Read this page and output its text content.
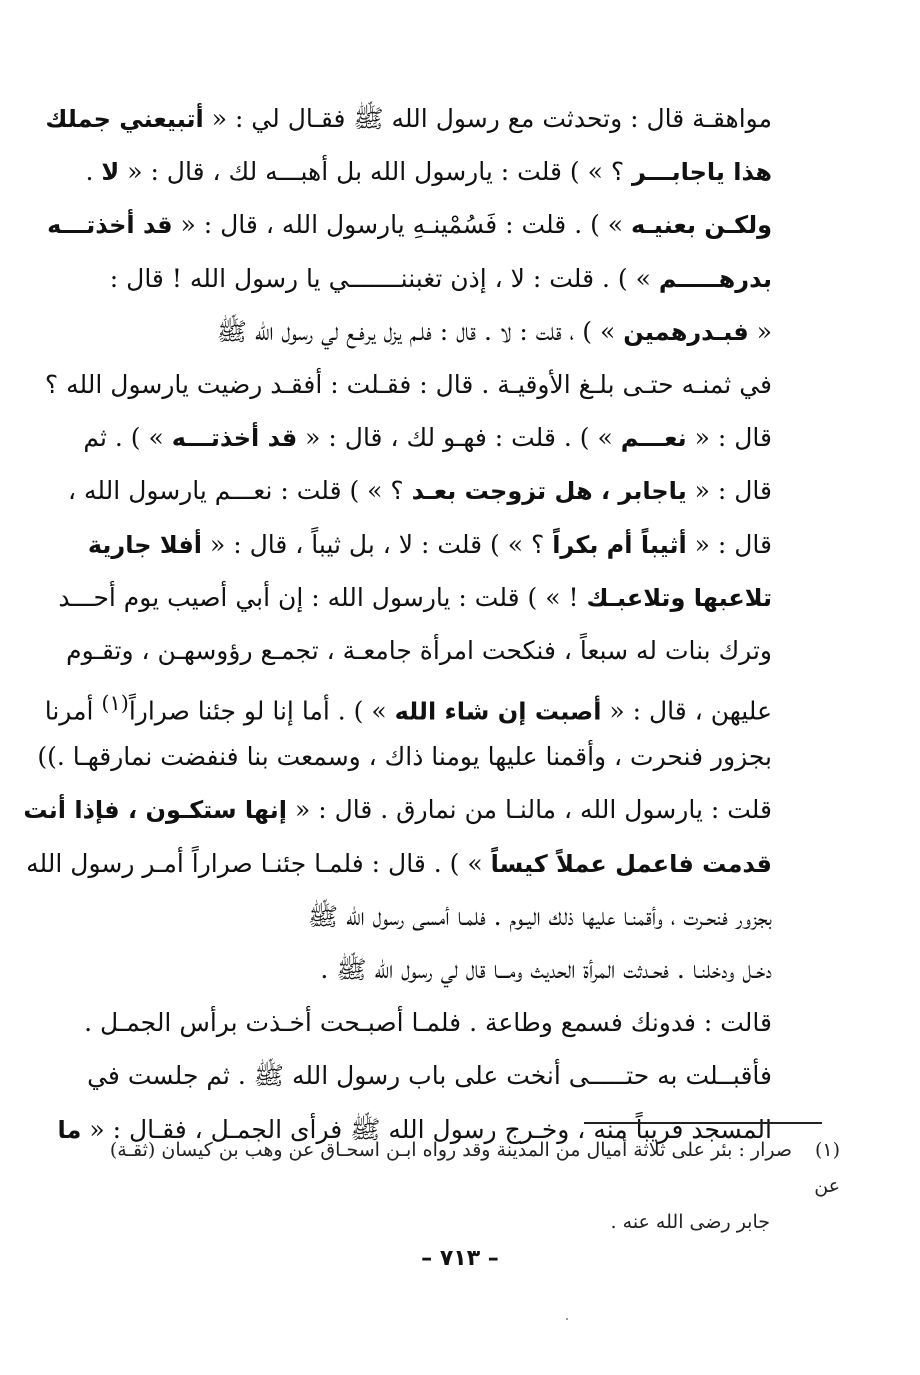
مواهقـة قال : وتحدثت مع رسول الله ﷺ فقـال لي : « أتبيعني جملك
هذا ياجابـــر ؟ » ) قلت : يارسول الله بل أهبـــه لك ، قال : « لا .
ولكـن بعنيـه » ) . قلت : فَسُمْينـهِ يارسول الله ، قال : « قد أخذتـــه
بدرهـــــم » ) . قلت : لا ، إذن تغبننـــــــي يا رسول الله ! قال :
« فبـدرهمين » ) ، قلت : لا . قال : فلـم يزل يرفـع لي رسول الله ﷺ
في ثمنـه حتـى بلـغ الأوقيـة . قال : فقـلت : أفقـد رضيت يارسول الله ؟
قال : « نعـــم » ) . قلت : فهـو لك ، قال : « قد أخذتـــه » ) . ثم
قال : « ياجابر ، هل تزوجت بعـد ؟ » ) قلت : نعـــم يارسول الله ،
قال : « أثيباً أم بكراً ؟ » ) قلت : لا ، بل ثيباً ، قال : « أفلا جارية
تلاعبها وتلاعبـك ! » ) قلت : يارسول الله : إن أبي أصيب يوم أحـــد
وترك بنات له سبعاً ، فنكحت امرأة جامعـة ، تجمـع رؤوسهـن ، وتقـوم
عليهن ، قال : « أصبت إن شاء الله » ) . أما إنا لو جئنا صراراً$^{(١)}$ أمرنا
بجزور فنحرت ، وأقمنا عليها يومنا ذاك ، وسمعت بنا فنفضت نمارقهـا .))
قلت : يارسول الله ، مالنـا من نمارق . قال : « إنها ستكـون ، فإذا أنت
قدمت فاعمل عملاً كيساً » ) . قال : فلمـا جئنـا صراراً أمـر رسول الله
بجزور فنحـرت ، وأقمنـا عليها ذلك اليـوم . فلمـا أمسى رسول الله ﷺ
دخـل ودخلنـا . فحـدثت المرأة الحديث ومـــا قال لي رسول الله ﷺ .
قالت : فدونك فسمع وطاعة . فلمـا أصبـحت أخـذت برأس الجمـل .
فأقبــلت به حتـــــى أنخت على باب رسول الله ﷺ . ثم جلست في
المسجد قريباً منه ، وخـرج رسول الله ﷺ فرأى الجمـل ، فقـال : « ما
(١)صرار : بئر على ثلاثة أميال من المدينة وقد رواه ابـن اسحـاق عن وهب بن كيسان (ثقـة) عن
جابر رضى الله عنه .
– ٧١٣ –
